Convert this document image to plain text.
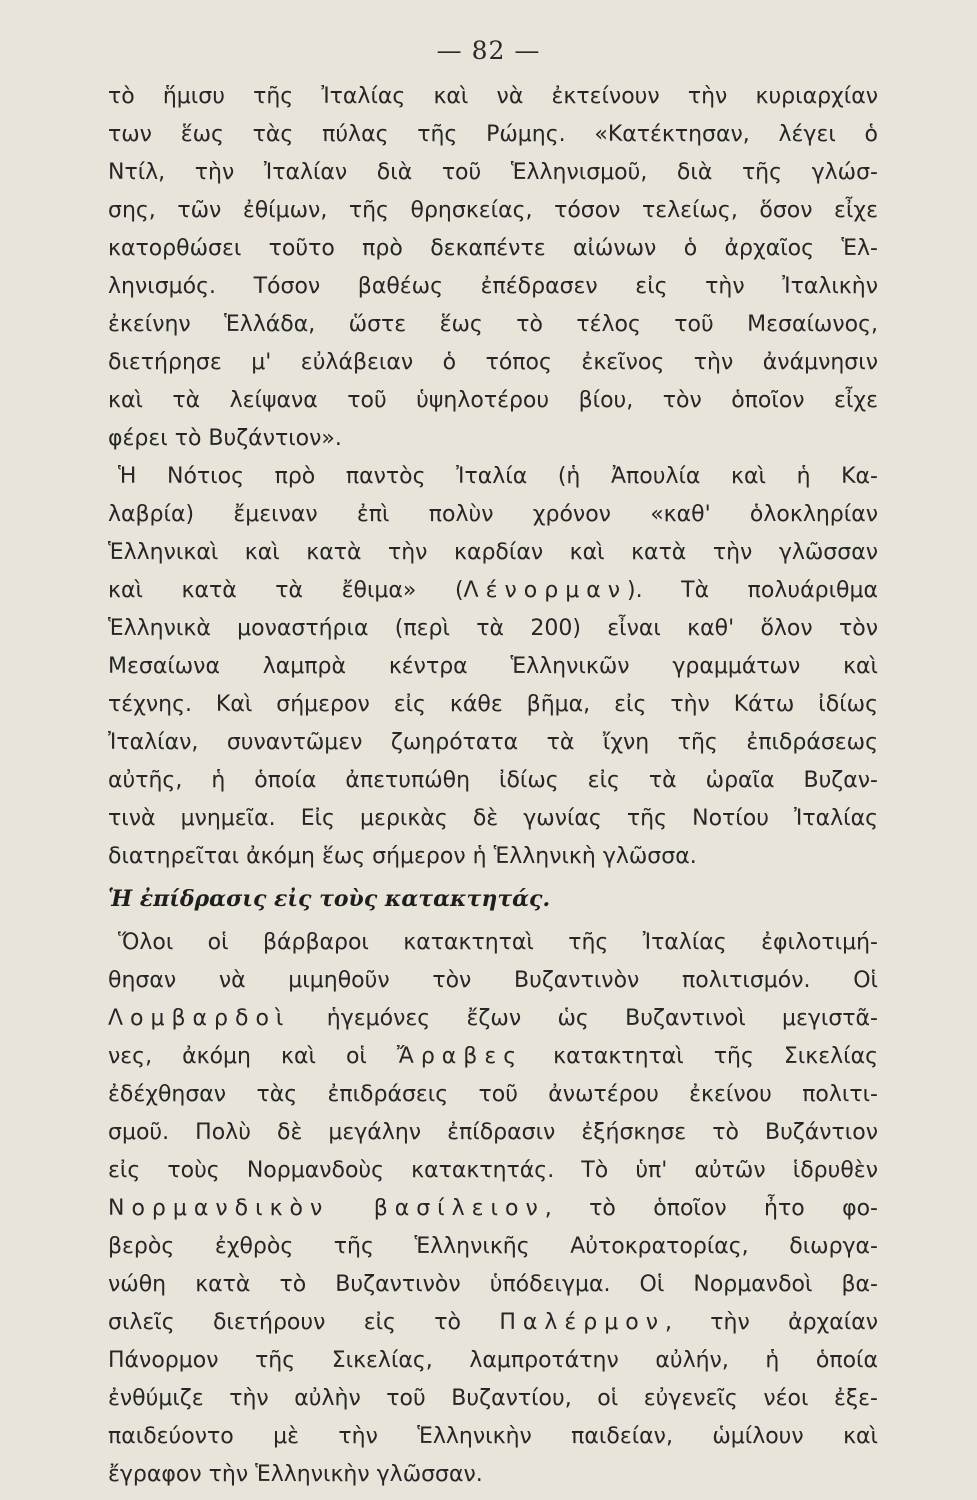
— 82 —
τὸ ἥμισυ τῆς Ἰταλίας καὶ νὰ ἐκτείνουν τὴν κυριαρχίαν
των ἕως τὰς πύλας τῆς Ρώμης. «Κατέκτησαν, λέγει ὁ
Ντίλ, τὴν Ἰταλίαν διὰ τοῦ Ἑλληνισμοῦ, διὰ τῆς γλώσ-
σης, τῶν ἐθίμων, τῆς θρησκείας, τόσον τελείως, ὅσον εἶχε
κατορθώσει τοῦτο πρὸ δεκαπέντε αἰώνων ὁ ἀρχαῖος Ἑλ-
ληνισμός. Τόσον βαθέως ἐπέδρασεν εἰς τὴν Ἰταλικὴν
ἐκείνην Ἑλλάδα, ὥστε ἕως τὸ τέλος τοῦ Μεσαίωνος,
διετήρησε μ' εὐλάβειαν ὁ τόπος ἐκεῖνος τὴν ἀνάμνησιν
καὶ τὰ λείψανα τοῦ ὑψηλοτέρου βίου, τὸν ὁποῖον εἶχε
φέρει τὸ Βυζάντιον».
Ἡ Νότιος πρὸ παντὸς Ἰταλία (ἡ Ἀπουλία καὶ ἡ Κα-
λαβρία) ἔμειναν ἐπὶ πολὺν χρόνον «καθ' ὁλοκληρίαν
Ἑλληνικαὶ καὶ κατὰ τὴν καρδίαν καὶ κατὰ τὴν γλῶσσαν
καὶ κατὰ τὰ ἔθιμα» (Λένορμαν). Τὰ πολυάριθμα
Ἑλληνικὰ μοναστήρια (περὶ τὰ 200) εἶναι καθ' ὅλον τὸν
Μεσαίωνα λαμπρὰ κέντρα Ἑλληνικῶν γραμμάτων καὶ
τέχνης. Καὶ σήμερον εἰς κάθε βῆμα, εἰς τὴν Κάτω ἰδίως
Ἰταλίαν, συναντῶμεν ζωηρότατα τὰ ἴχνη τῆς ἐπιδράσεως
αὐτῆς, ἡ ὁποία ἀπετυπώθη ἰδίως εἰς τὰ ὡραῖα Βυζαν-
τινὰ μνημεῖα. Εἰς μερικὰς δὲ γωνίας τῆς Νοτίου Ἰταλίας
διατηρεῖται ἀκόμη ἕως σήμερον ἡ Ἑλληνικὴ γλῶσσα.
Ἡ ἐπίδρασις εἰς τοὺς κατακτητάς.
Ὅλοι οἱ βάρβαροι κατακτηταὶ τῆς Ἰταλίας ἐφιλοτιμή-
θησαν νὰ μιμηθοῦν τὸν Βυζαντινὸν πολιτισμόν. Οἱ
Λομβαρδοὶ ἡγεμόνες ἔζων ὡς Βυζαντινοὶ μεγιστᾶ-
νες, ἀκόμη καὶ οἱ Ἄραβες κατακτηταὶ τῆς Σικελίας
ἐδέχθησαν τὰς ἐπιδράσεις τοῦ ἀνωτέρου ἐκείνου πολιτι-
σμοῦ. Πολὺ δὲ μεγάλην ἐπίδρασιν ἐξήσκησε τὸ Βυζάντιον
εἰς τοὺς Νορμανδοὺς κατακτητάς. Τὸ ὑπ' αὐτῶν ἱδρυθὲν
Νορμανδικὸν βασίλειον, τὸ ὁποῖον ἦτο φο-
βερὸς ἐχθρὸς τῆς Ἑλληνικῆς Αὐτοκρατορίας, διωργα-
νώθη κατὰ τὸ Βυζαντινὸν ὑπόδειγμα. Οἱ Νορμανδοὶ βα-
σιλεῖς διετήρουν εἰς τὸ Παλέρμον, τὴν ἀρχαίαν
Πάνορμον τῆς Σικελίας, λαμπροτάτην αὐλήν, ἡ ὁποία
ἐνθύμιζε τὴν αὐλὴν τοῦ Βυζαντίου, οἱ εὐγενεῖς νέοι ἐξε-
παιδεύοντο μὲ τὴν Ἑλληνικὴν παιδείαν, ὡμίλουν καὶ
ἔγραφον τὴν Ἑλληνικὴν γλῶσσαν.
